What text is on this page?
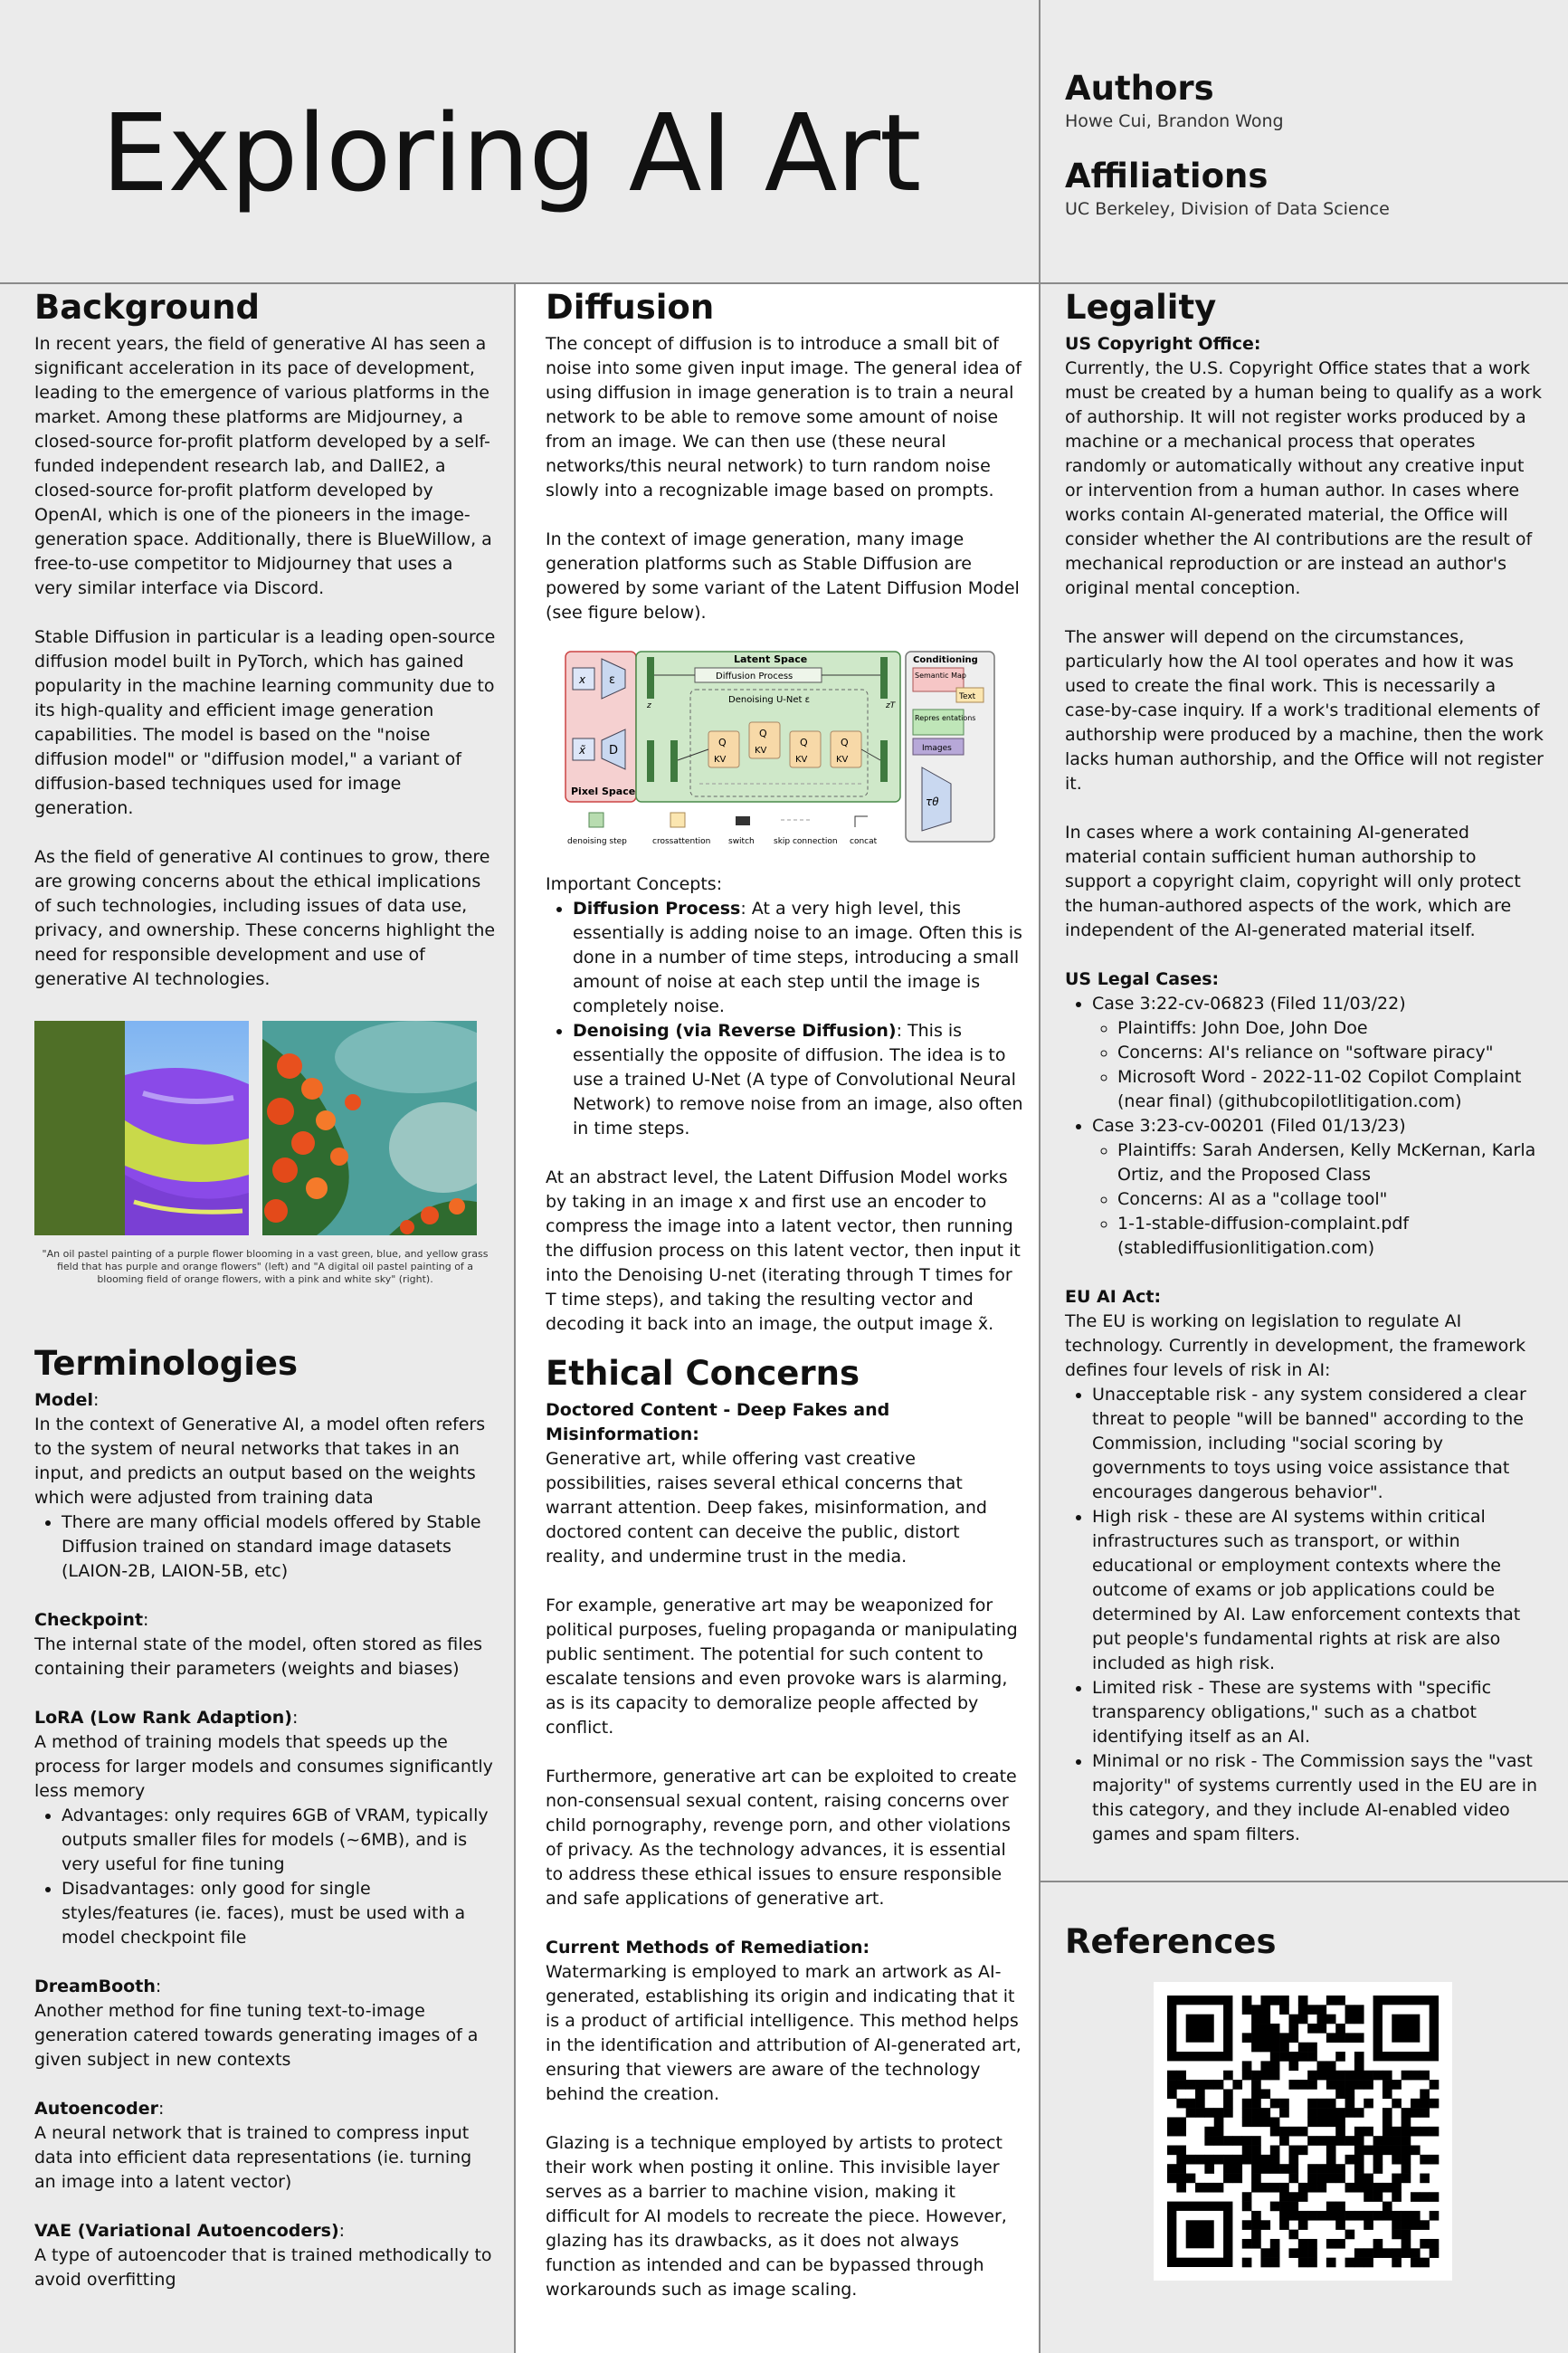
Exploring AI Art
Authors
Howe Cui, Brandon Wong
Affiliations
UC Berkeley, Division of Data Science
Background

In recent years, the field of generative AI has seen a significant acceleration in its pace of development, leading to the emergence of various platforms in the market. Among these platforms are Midjourney, a closed-source for-profit platform developed by a self-funded independent research lab, and DallE2, a closed-source for-profit platform developed by OpenAI, which is one of the pioneers in the image-generation space. Additionally, there is BlueWillow, a free-to-use competitor to Midjourney that uses a very similar interface via Discord.

Stable Diffusion in particular is a leading open-source diffusion model built in PyTorch, which has gained popularity in the machine learning community due to its high-quality and efficient image generation capabilities. The model is based on the "noise diffusion model" or "diffusion model," a variant of diffusion-based techniques used for image generation.

As the field of generative AI continues to grow, there are growing concerns about the ethical implications of such technologies, including issues of data use, privacy, and ownership. These concerns highlight the need for responsible development and use of generative AI technologies.

"An oil pastel painting of a purple flower blooming in a vast green, blue, and yellow grass field that has purple and orange flowers" (left) and "A digital oil pastel painting of a blooming field of orange flowers, with a pink and white sky" (right).
Terminologies
Model:
In the context of Generative AI, a model often refers to the system of neural networks that takes in an input, and predicts an output based on the weights which were adjusted from training data
• There are many official models offered by Stable Diffusion trained on standard image datasets (LAION-2B, LAION-5B, etc)
Checkpoint:

The internal state of the model, often stored as files containing their parameters (weights and biases)

LoRA (Low Rank Adaption):
A method of training models that speeds up the process for larger models and consumes significantly less memory
• Advantages: only requires 6GB of VRAM, typically outputs smaller files for models (~6MB), and is very useful for fine tuning
• Disadvantages: only good for single styles/features (ie. faces), must be used with a model checkpoint file
DreamBooth:

Another method for fine tuning text-to-image generation catered towards generating images of a given subject in new contexts

Autoencoder:

A neural network that is trained to compress input data into efficient data representations (ie. turning an image into a latent vector)

VAE (Variational Autoencoders):
A type of autoencoder that is trained methodically to avoid overfitting
Diffusion

The concept of diffusion is to introduce a small bit of noise into some given input image. The general idea of using diffusion in image generation is to train a neural network to be able to remove some amount of noise from an image. We can then use (these neural networks/this neural network) to turn random noise slowly into a recognizable image based on prompts.

In the context of image generation, many image generation platforms such as Stable Diffusion are powered by some variant of the Latent Diffusion Model (see figure below).

Pixel Space
x
x̃
ε
D
Latent Space
z	zT
Diffusion Process
Denoising U-Net ε
Q
KV
Q
KV
Q
KV
Q
KV
Conditioning
Semantic Map
Text
Repres entations
Images
τθ
denoising step	crossattention switch skip connection concat
Important Concepts:
• Diffusion Process: At a very high level, this essentially is adding noise to an image. Often this is done in a number of time steps, introducing a small amount of noise at each step until the image is completely noise.
• Denoising (via Reverse Diffusion): This is essentially the opposite of diffusion. The idea is to use a trained U-Net (A type of Convolutional Neural Network) to remove noise from an image, also often in time steps.

At an abstract level, the Latent Diffusion Model works by taking in an image x and first use an encoder to compress the image into a latent vector, then running the diffusion process on this latent vector, then input it into the Denoising U-net (iterating through T times for T time steps), and taking the resulting vector and decoding it back into an image, the output image x̃.

Ethical Concerns
Doctored Content - Deep Fakes and Misinformation:

Generative art, while offering vast creative possibilities, raises several ethical concerns that warrant attention. Deep fakes, misinformation, and doctored content can deceive the public, distort reality, and undermine trust in the media.

For example, generative art may be weaponized for political purposes, fueling propaganda or manipulating public sentiment. The potential for such content to escalate tensions and even provoke wars is alarming, as is its capacity to demoralize people affected by conflict.

Furthermore, generative art can be exploited to create non-consensual sexual content, raising concerns over child pornography, revenge porn, and other violations of privacy. As the technology advances, it is essential to address these ethical issues to ensure responsible and safe applications of generative art.

Current Methods of Remediation:

Watermarking is employed to mark an artwork as AI-generated, establishing its origin and indicating that it is a product of artificial intelligence. This method helps in the identification and attribution of AI-generated art, ensuring that viewers are aware of the technology behind the creation.

Glazing is a technique employed by artists to protect their work when posting it online. This invisible layer serves as a barrier to machine vision, making it difficult for AI models to recreate the piece. However, glazing has its drawbacks, as it does not always function as intended and can be bypassed through workarounds such as image scaling.

Legality
US Copyright Office:

Currently, the U.S. Copyright Office states that a work must be created by a human being to qualify as a work of authorship. It will not register works produced by a machine or a mechanical process that operates randomly or automatically without any creative input or intervention from a human author. In cases where works contain AI-generated material, the Office will consider whether the AI contributions are the result of mechanical reproduction or are instead an author's original mental conception.

The answer will depend on the circumstances, particularly how the AI tool operates and how it was used to create the final work. This is necessarily a case-by-case inquiry. If a work's traditional elements of authorship were produced by a machine, then the work lacks human authorship, and the Office will not register it.

In cases where a work containing AI-generated material contain sufficient human authorship to support a copyright claim, copyright will only protect the human-authored aspects of the work, which are independent of the AI-generated material itself.

US Legal Cases:
• Case 3:22-cv-06823 (Filed 11/03/22)
◦ Plaintiffs: John Doe, John Doe
◦ Concerns: AI's reliance on "software piracy"
◦ Microsoft Word - 2022-11-02 Copilot Complaint (near final) (githubcopilotlitigation.com)
• Case 3:23-cv-00201 (Filed 01/13/23)
◦ Plaintiffs: Sarah Andersen, Kelly McKernan, Karla Ortiz, and the Proposed Class
◦ Concerns: AI as a "collage tool"
◦ 1-1-stable-diffusion-complaint.pdf (stablediffusionlitigation.com)
EU AI Act:
The EU is working on legislation to regulate AI technology. Currently in development, the framework defines four levels of risk in AI:
• Unacceptable risk - any system considered a clear threat to people "will be banned" according to the Commission, including "social scoring by governments to toys using voice assistance that encourages dangerous behavior".
• High risk - these are AI systems within critical infrastructures such as transport, or within educational or employment contexts where the outcome of exams or job applications could be determined by AI. Law enforcement contexts that put people's fundamental rights at risk are also included as high risk.
• Limited risk - These are systems with "specific transparency obligations," such as a chatbot identifying itself as an AI.
• Minimal or no risk - The Commission says the "vast majority" of systems currently used in the EU are in this category, and they include AI-enabled video games and spam filters.
References
